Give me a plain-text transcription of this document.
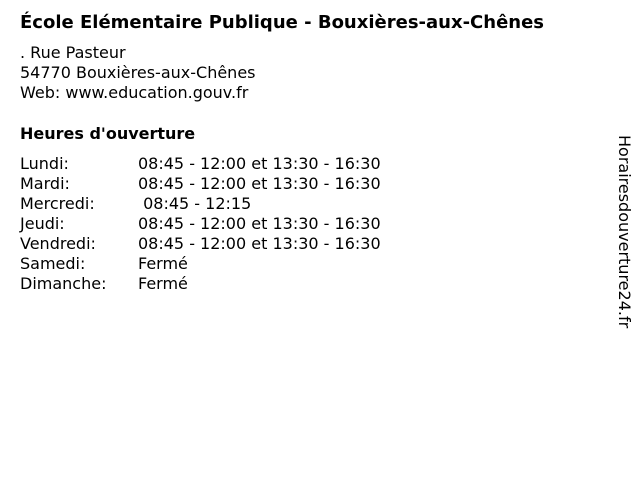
École Elémentaire Publique - Bouxières-aux-Chênes
. Rue Pasteur
54770 Bouxières-aux-Chênes
Web: www.education.gouv.fr
Heures d'ouverture
Lundi:	08:45 - 12:00 et 13:30 - 16:30
Mardi:	08:45 - 12:00 et 13:30 - 16:30
Mercredi:	08:45 - 12:15
Jeudi:	08:45 - 12:00 et 13:30 - 16:30
Vendredi:	08:45 - 12:00 et 13:30 - 16:30
Samedi:	Fermé
Dimanche: Fermé	Horairesdouverture24.fr
